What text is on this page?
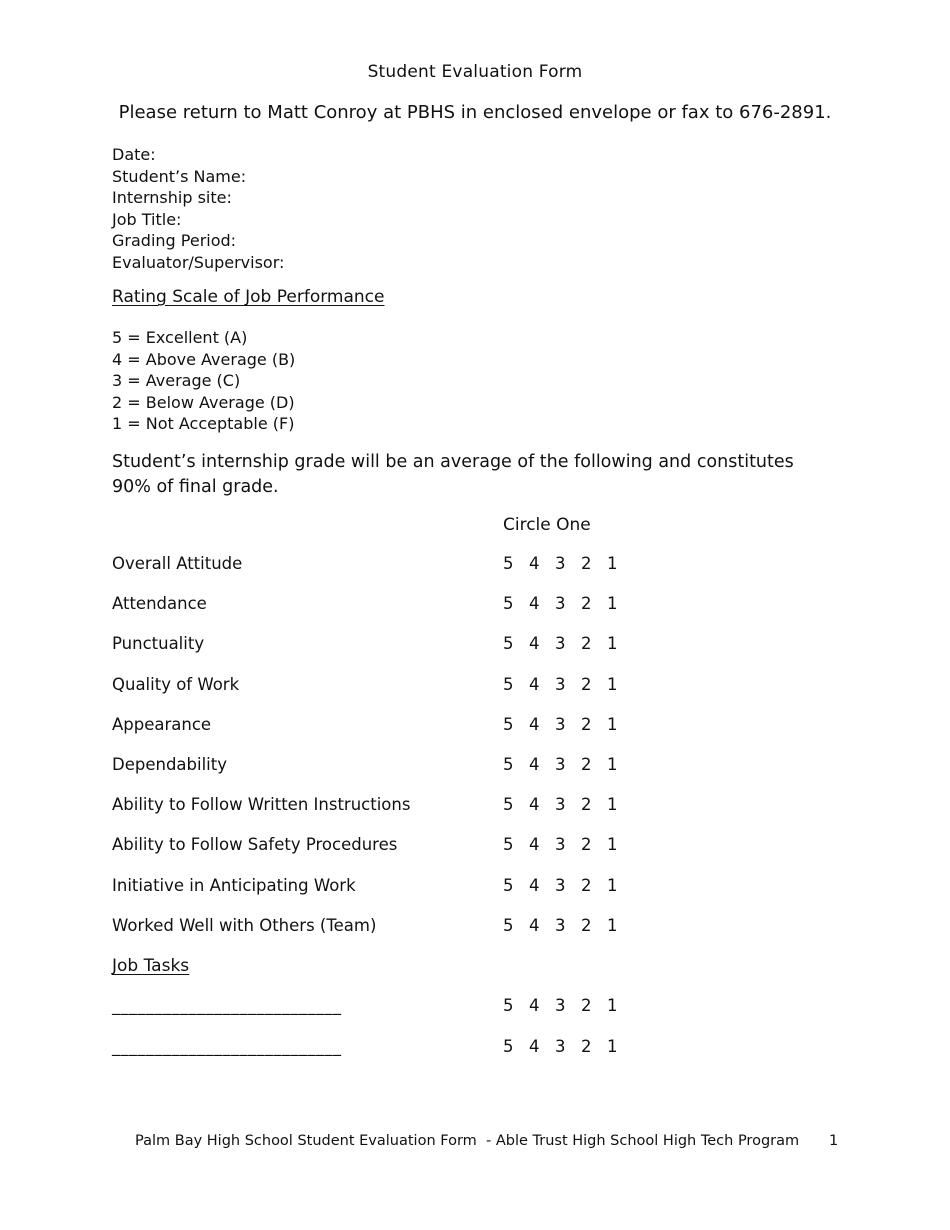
Student Evaluation Form
Please return to Matt Conroy at PBHS in enclosed envelope or fax to 676-2891.
Date:
Student’s Name:
Internship site:
Job Title:
Grading Period:
Evaluator/Supervisor:
Rating Scale of Job Performance
5 = Excellent (A)
4 = Above Average (B)
3 = Average (C)
2 = Below Average (D)
1 = Not Acceptable (F)
Student’s internship grade will be an average of the following and constitutes 90% of final grade.
Circle One
Overall Attitude	5 4 3 2 1
Attendance	5 4 3 2 1
Punctuality	5 4 3 2 1
Quality of Work	5 4 3 2 1
Appearance	5 4 3 2 1
Dependability	5 4 3 2 1
Ability to Follow Written Instructions	5 4 3 2 1
Ability to Follow Safety Procedures	5 4 3 2 1
Initiative in Anticipating Work	5 4 3 2 1
Worked Well with Others (Team)	5 4 3 2 1
Job Tasks
___________________________	5 4 3 2 1
___________________________	5 4 3 2 1
Palm Bay High School Student Evaluation Form  - Able Trust High School High Tech Program 1
